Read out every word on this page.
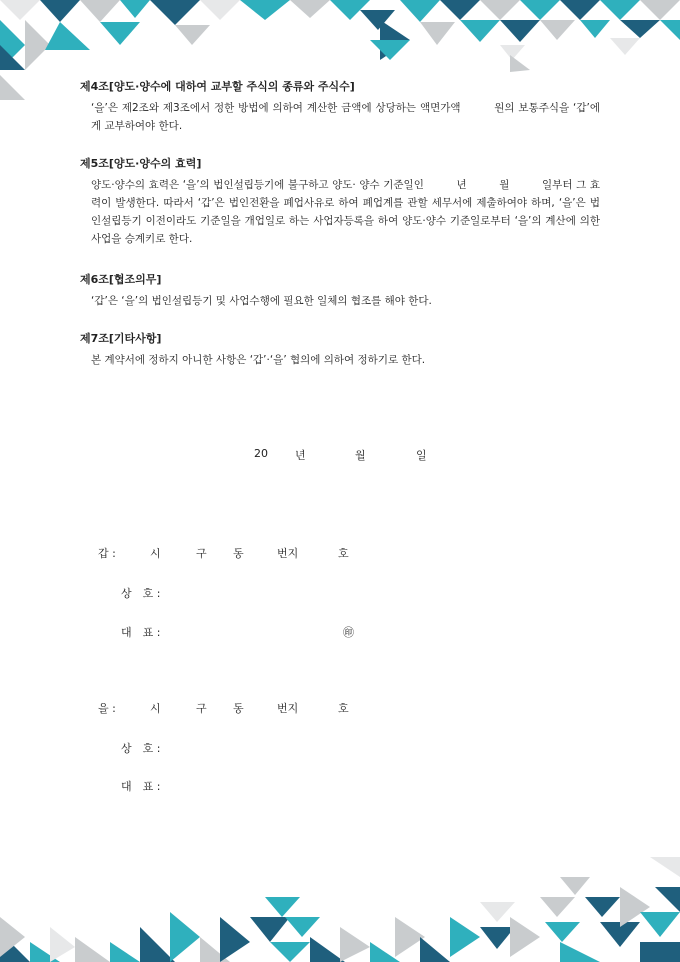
제4조[양도·양수에 대하여 교부할 주식의 종류와 주식수]

‘을’은 제2조와 제3조에서 정한 방법에 의하여 계산한 금액에 상당하는 액면가액　　　원의 보통주식을 ‘갑’에게 교부하여야 한다.

제5조[양도·양수의 효력]

양도·양수의 효력은 ‘을’의 법인설립등기에 불구하고 양도· 양수 기준일인　　　년　　　월　　　일부터 그 효력이 발생한다. 따라서 ‘갑’은 법인전환을 폐업사유로 하여 폐업계를 관할 세무서에 제출하여야 하며, ‘을’은 법인설립등기 이전이라도 기준일을 개업일로 하는 사업자등록을 하여 양도·양수 기준일로부터 ‘을’의 계산에 의한 사업을 승계키로 한다.

제6조[협조의무]

‘갑’은 ‘을’의 법인설립등기 및 사업수행에 필요한 일체의 협조를 해야 한다.

제7조[기타사항]

본 계약서에 정하지 아니한 사항은 ‘갑’·‘을’ 협의에 의하여 정하기로 한다.

20 년	월	일
갑 :	시	구 동	번지	호
상　호 :
대　표 :	㊞
을 :	시	구 동	번지	호
상　호 :
대　표 :
